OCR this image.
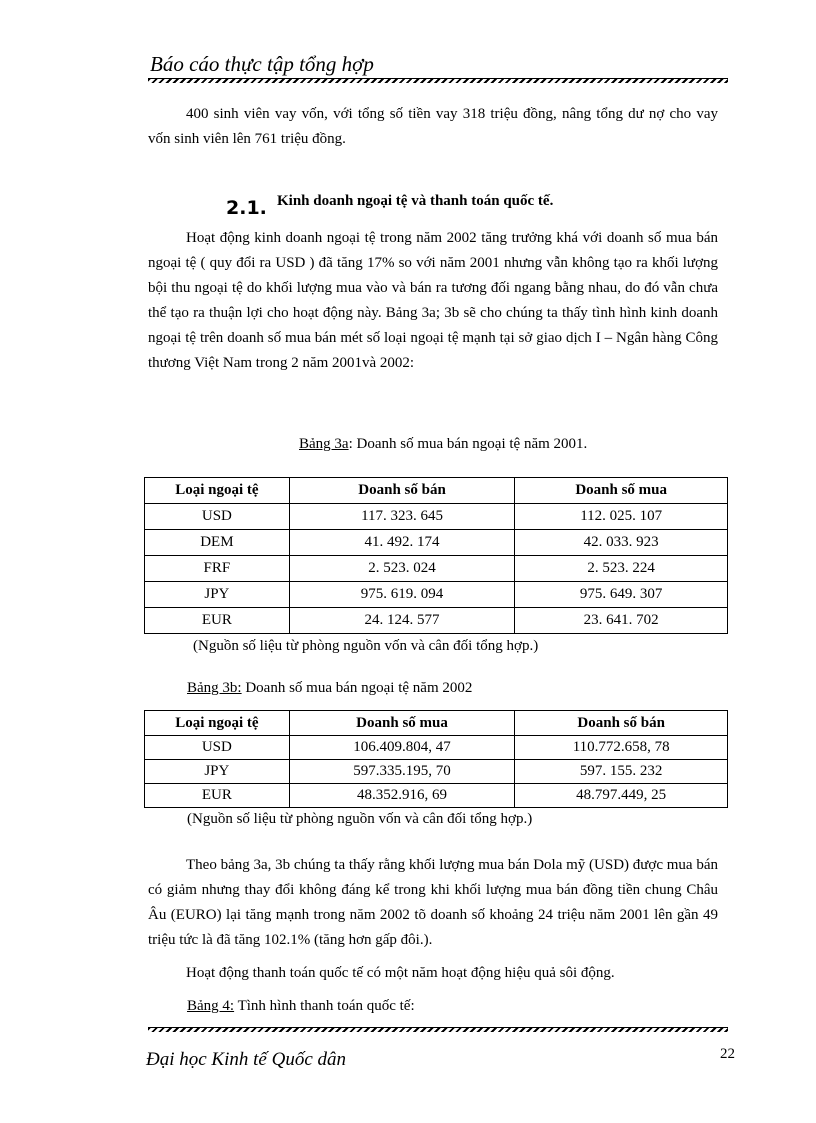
Báo cáo thực tập tổng hợp
400 sinh viên vay vốn, với tổng số tiền vay 318 triệu đồng, nâng tổng dư nợ cho vay vốn sinh viên lên 761 triệu đồng.
2.1. Kinh doanh ngoại tệ và thanh toán quốc tế.
Hoạt động kinh doanh ngoại tệ trong năm 2002 tăng trưởng khá với doanh số mua bán ngoại tệ ( quy đổi ra USD ) đã tăng 17% so với năm 2001 nhưng vẫn không tạo ra khối lượng bội thu ngoại tệ do khối lượng mua vào và bán ra tương đối ngang bằng nhau, do đó vẫn chưa thể tạo ra thuận lợi cho hoạt động này. Bảng 3a; 3b sẽ cho chúng ta thấy tình hình kinh doanh ngoại tệ trên doanh số mua bán mét số loại ngoại tệ mạnh tại sở giao dịch I – Ngân hàng Công thương Việt Nam trong 2 năm 2001và 2002:
Bảng 3a: Doanh số mua bán ngoại tệ năm 2001.
Loại ngoại tệ	Doanh số bán	Doanh số mua
USD	117. 323. 645	112. 025. 107
DEM	41. 492. 174	42. 033. 923
FRF	2. 523. 024	2. 523. 224
JPY	975. 619. 094	975. 649. 307
EUR	24. 124. 577	23. 641. 702
(Nguồn số liệu từ phòng nguồn vốn và cân đối tổng hợp.)
Bảng 3b: Doanh số mua bán ngoại tệ năm 2002
Loại ngoại tệ	Doanh số mua	Doanh số bán
USD	106.409.804, 47	110.772.658, 78
JPY	597.335.195, 70	597. 155. 232
EUR	48.352.916, 69	48.797.449, 25
(Nguồn số liệu từ phòng nguồn vốn và cân đối tổng hợp.)
Theo bảng 3a, 3b chúng ta thấy rằng khối lượng mua bán Dola mỹ (USD) được mua bán có giảm nhưng thay đổi không đáng kể trong khi khối lượng mua bán đồng tiền chung Châu Âu (EURO) lại tăng mạnh trong năm 2002 tõ doanh số khoảng 24 triệu năm 2001 lên gần 49 triệu tức là đã tăng 102.1% (tăng hơn gấp đôi.).
Hoạt động thanh toán quốc tế có một năm hoạt động hiệu quả sôi động.
Bảng 4: Tình hình thanh toán quốc tế:
Đại học Kinh tế Quốc dân	22
